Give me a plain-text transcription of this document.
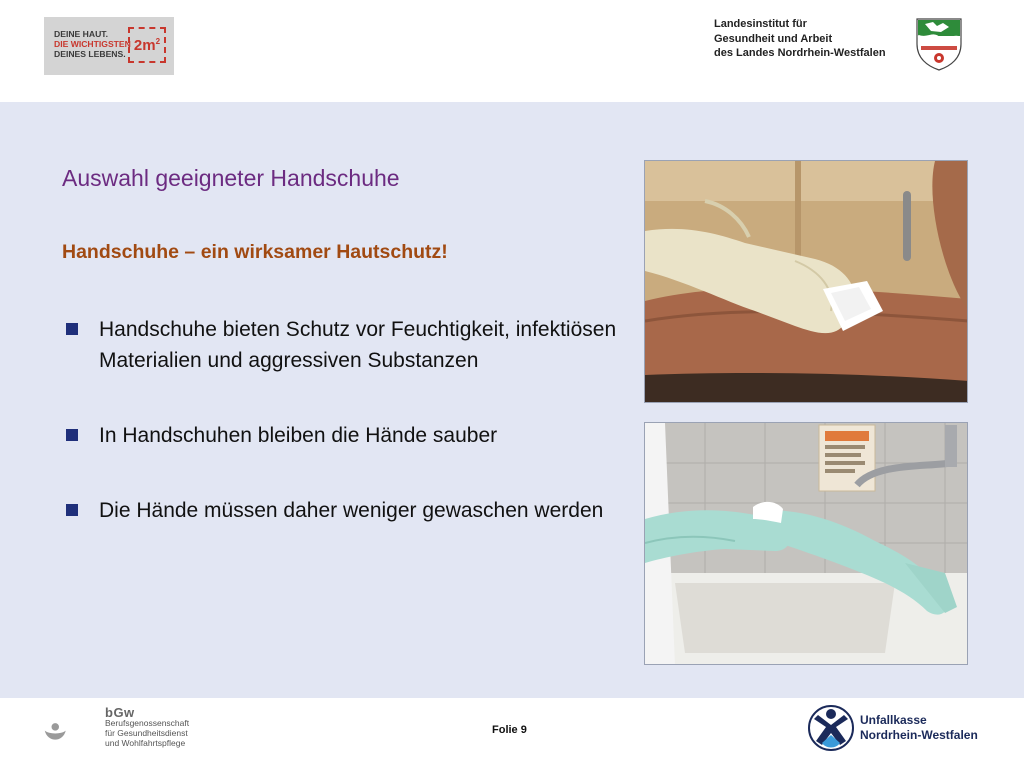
DEINE HAUT.
DIE WICHTIGSTEN
DEINES LEBENS. $2m^2$
Landesinstitut für
Gesundheit und Arbeit
des Landes Nordrhein-Westfalen
Auswahl geeigneter Handschuhe
Handschuhe – ein wirksamer Hautschutz!
Handschuhe bieten Schutz vor Feuchtigkeit, infektiösen Materialien und aggressiven Substanzen
In Handschuhen bleiben die Hände sauber
Die Hände müssen daher weniger gewaschen werden
bGw
Berufsgenossenschaft
für Gesundheitsdienst
und Wohlfahrtspflege
Folie 9
Unfallkasse
Nordrhein-Westfalen
